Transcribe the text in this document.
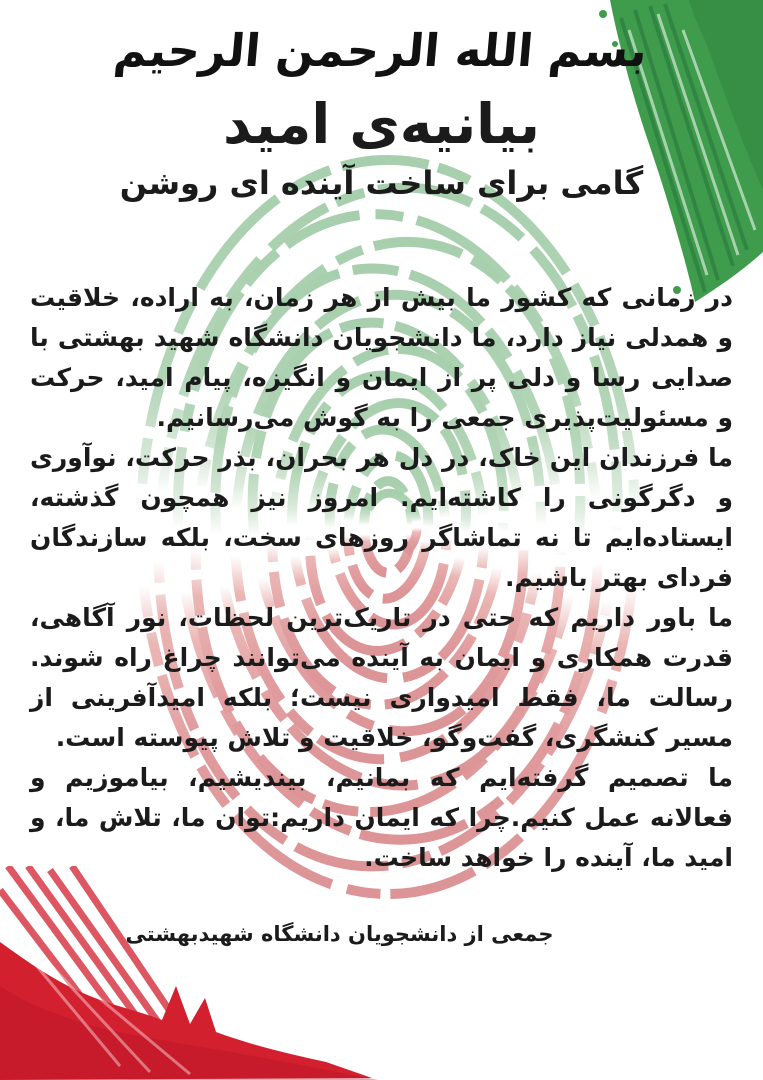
بسم الله الرحمن الرحیم
بیانیه‌ی امید
گامی برای ساخت آینده ای روشن

در زمانی که کشور ما بیش از هر زمان، به اراده، خلاقیت و همدلی نیاز دارد، ما دانشجویان دانشگاه شهید بهشتی با صدایی رسا و دلی پر از ایمان و انگیزه، پیام امید، حرکت و مسئولیت‌پذیری جمعی را به گوش می‌رسانیم.

ما فرزندان این خاک، در دل هر بحران، بذر حرکت، نوآوری و دگرگونی را کاشته‌ایم. امروز نیز همچون گذشته، ایستاده‌ایم تا نه تماشاگر روزهای سخت، بلکه سازندگان فردای بهتر باشیم.

ما باور داریم که حتی در تاریک‌ترین لحظات، نور آگاهی، قدرت همکاری و ایمان به آینده می‌توانند چراغ راه شوند. رسالت ما، فقط امیدواری نیست؛ بلکه امیدآفرینی از مسیر کنشگری، گفت‌وگو، خلاقیت و تلاش پیوسته است.

ما تصمیم گرفته‌ایم که بمانیم، بیندیشیم، بیاموزیم و فعالانه عمل کنیم.چرا که ایمان داریم:توان ما، تلاش ما، و امید ما، آینده را خواهد ساخت.

جمعی از دانشجویان دانشگاه شهیدبهشتی
